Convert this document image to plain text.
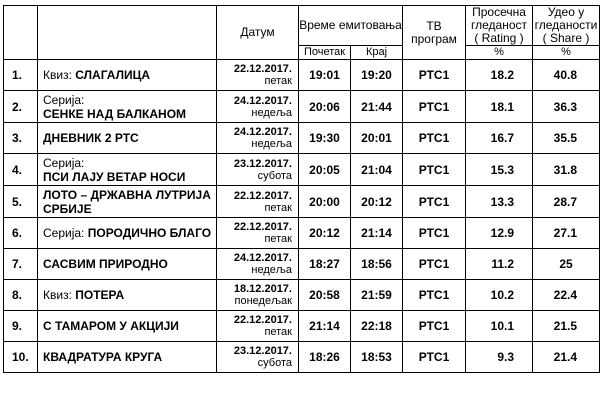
		Датум	Време емитовања		ТВ програм	Просечна
гледаност
( Rating )	Удео у
гледаности
( Share )

			Почетак	Крај		%	%
1.	Квиз: СЛАГАЛИЦА	22.12.2017.
петак	19:01	19:20	РТС1	18.2	40.8
2.	Серија:
СЕНКЕ НАД БАЛКАНОМ	24.12.2017.
недеља	20:06	21:44	РТС1	18.1	36.3
3.	ДНЕВНИК 2 РТС	24.12.2017.
недеља	19:30	20:01	РТС1	16.7	35.5
4.	Серија:
ПСИ ЛАЈУ ВЕТАР НОСИ	23.12.2017.
субота	20:05	21:04	РТС1	15.3	31.8
5.	ЛОТО – ДРЖАВНА ЛУТРИЈА СРБИЈЕ	22.12.2017.
петак	20:00	20:12	РТС1	13.3	28.7
6.	Серија: ПОРОДИЧНО БЛАГО	22.12.2017.
петак	20:12	21:14	РТС1	12.9	27.1
7.	САСВИМ ПРИРОДНО	24.12.2017.
недеља	18:27	18:56	РТС1	11.2	25
8.	Квиз: ПОТЕРА	18.12.2017.
понедељак	20:58	21:59	РТС1	10.2	22.4
9.	С ТАМАРОМ У АКЦИЈИ	22.12.2017.
петак	21:14	22:18	РТС1	10.1	21.5
10.	КВАДРАТУРА КРУГА	23.12.2017.
субота	18:26	18:53	РТС1	9.3	21.4
